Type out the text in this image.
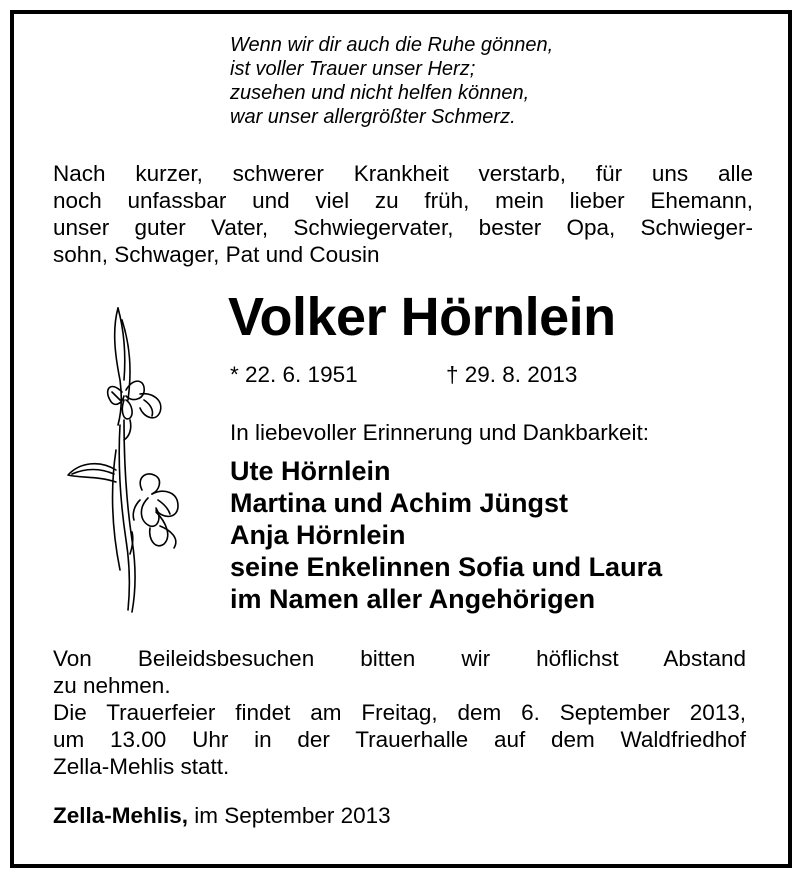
Wenn wir dir auch die Ruhe gönnen,
ist voller Trauer unser Herz;
zusehen und nicht helfen können,
war unser allergrößter Schmerz.
Nach kurzer, schwerer Krankheit verstarb, für uns alle
noch unfassbar und viel zu früh, mein lieber Ehemann,
unser guter Vater, Schwiegervater, bester Opa, Schwieger-
sohn, Schwager, Pat und Cousin
Volker Hörnlein
* 22. 6. 1951	† 29. 8. 2013
In liebevoller Erinnerung und Dankbarkeit:
Ute Hörnlein
Martina und Achim Jüngst
Anja Hörnlein
seine Enkelinnen Sofia und Laura
im Namen aller Angehörigen
Von Beileidsbesuchen bitten wir höflichst Abstand
zu nehmen.
Die Trauerfeier findet am Freitag, dem 6. September 2013,
um 13.00 Uhr in der Trauerhalle auf dem Waldfriedhof
Zella-Mehlis statt.
Zella-Mehlis, im September 2013
